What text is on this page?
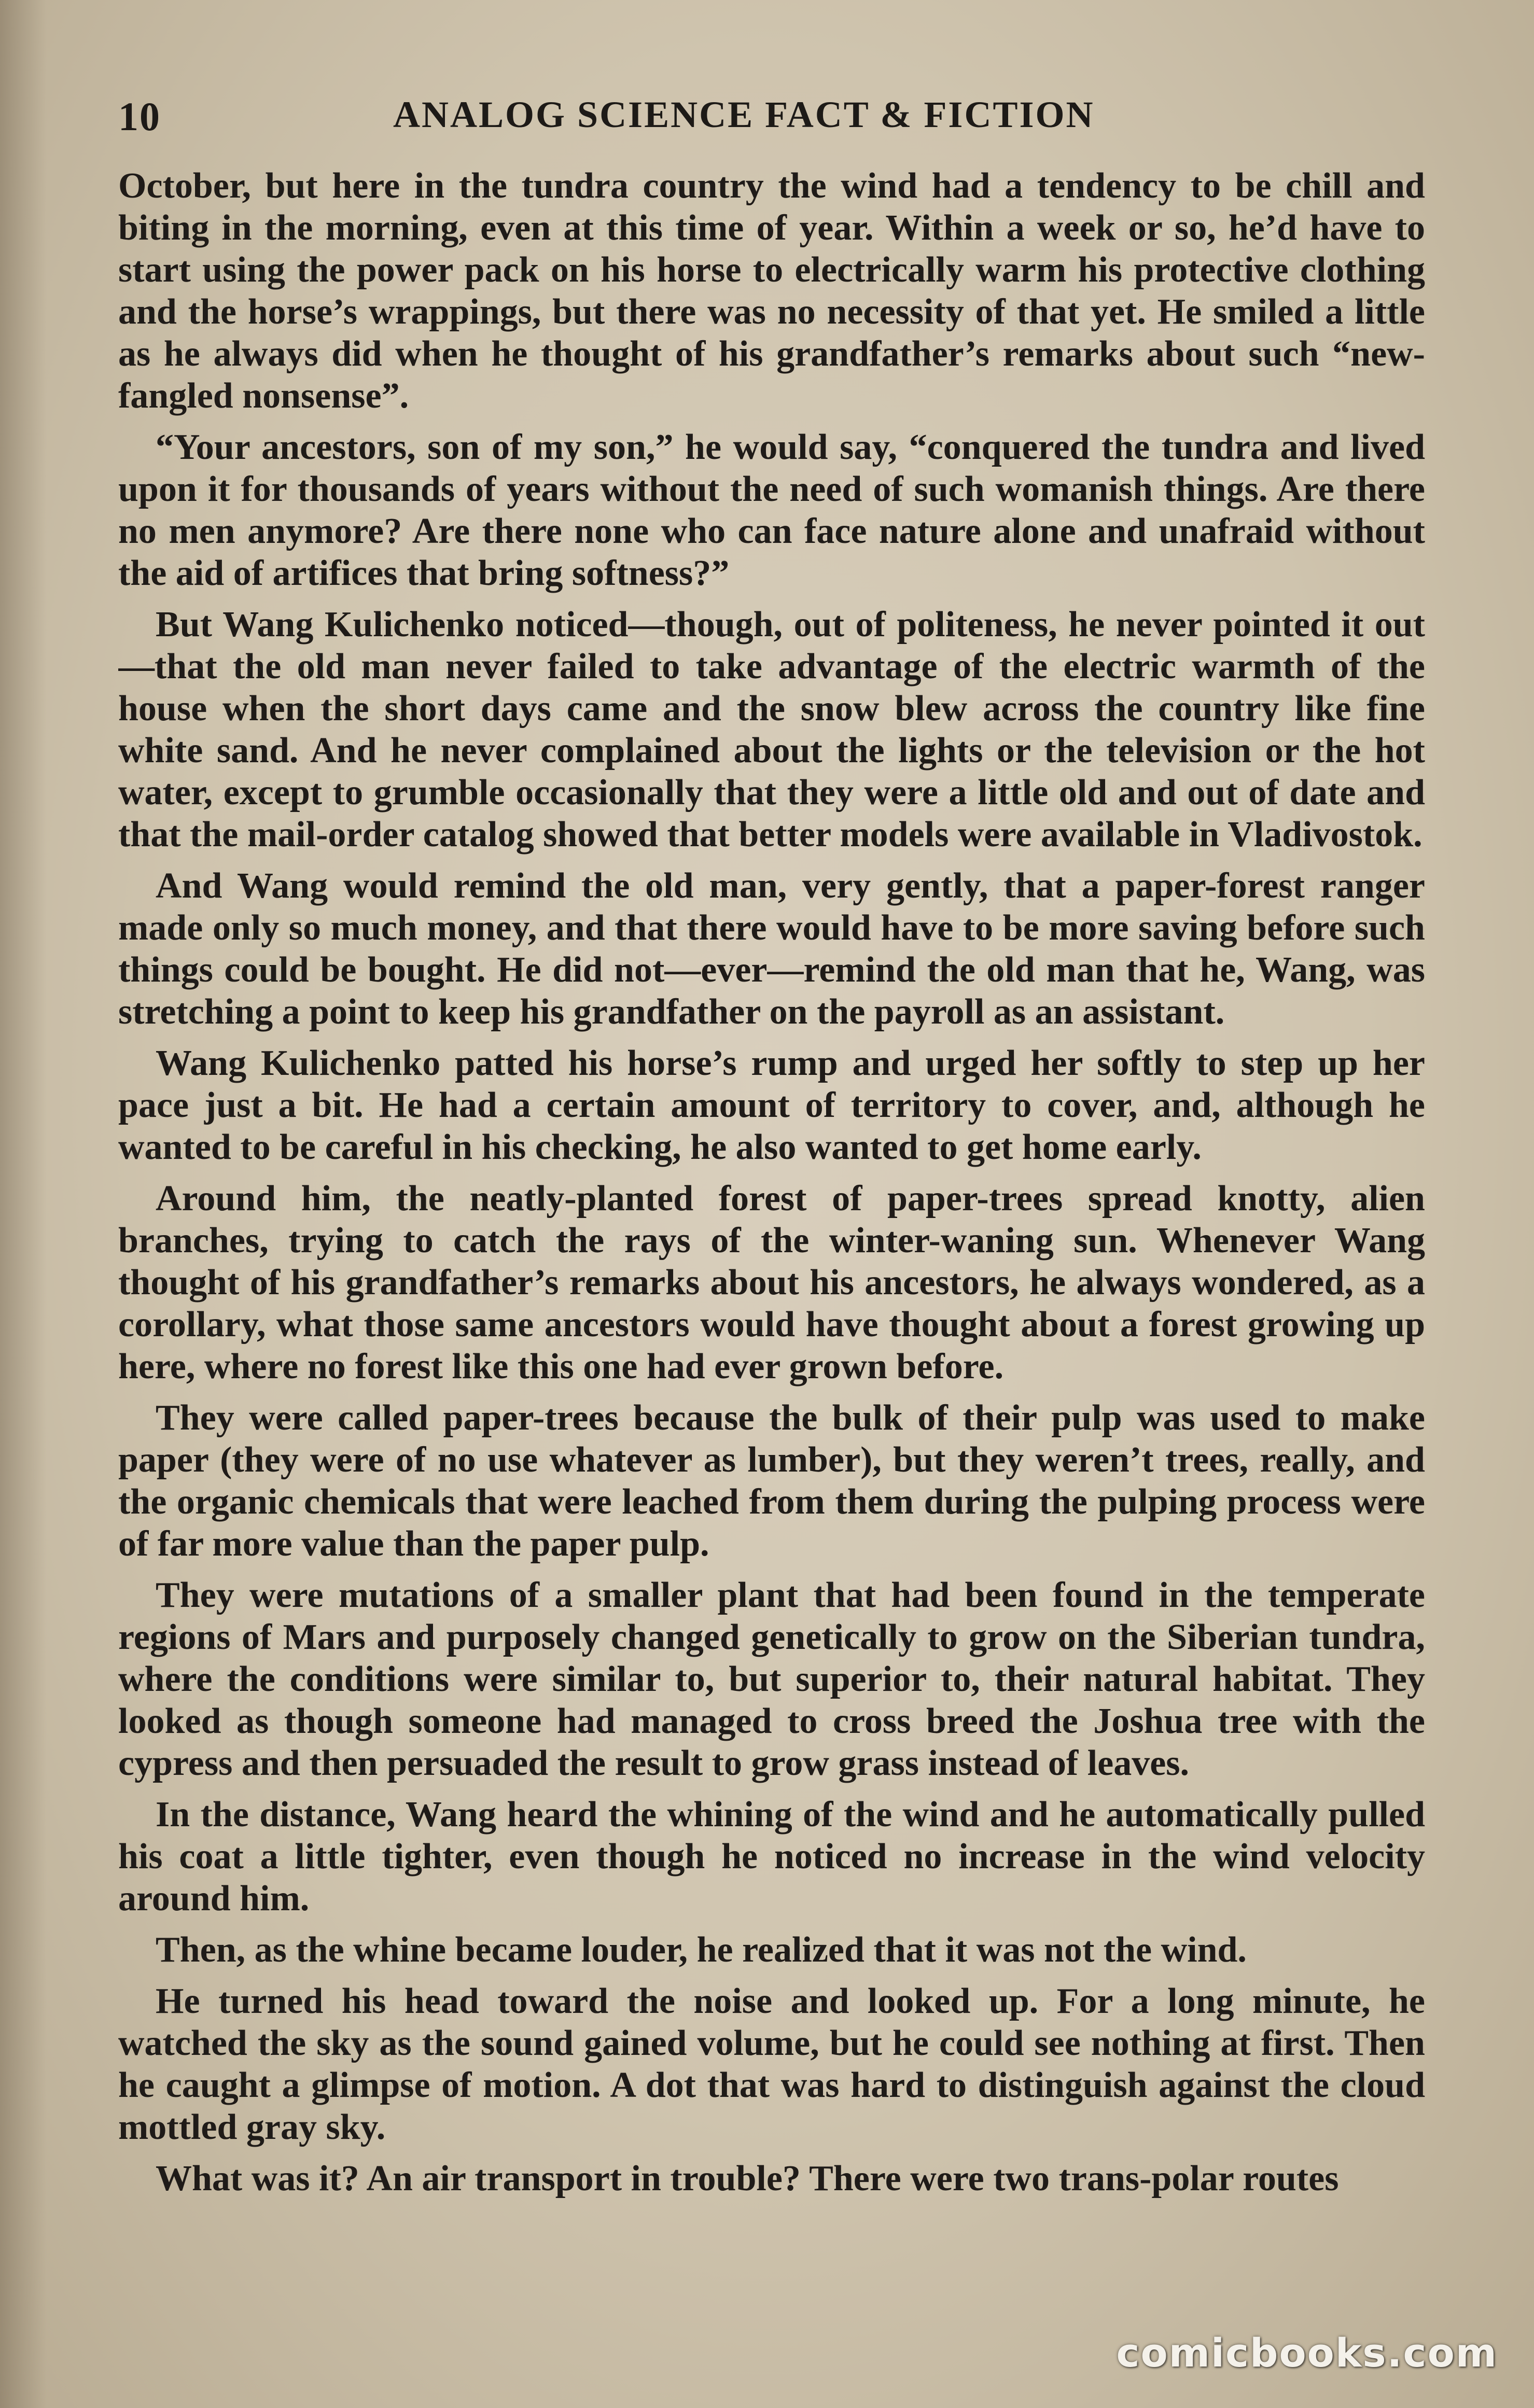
10	ANALOG SCIENCE FACT & FICTION

October, but here in the tundra country the wind had a tendency to be chill and biting in the morning, even at this time of year. Within a week or so, he’d have to start using the power pack on his horse to electrically warm his protective clothing and the horse’s wrappings, but there was no necessity of that yet. He smiled a little as he always did when he thought of his grandfather’s remarks about such “new-fangled nonsense”.

“Your ancestors, son of my son,” he would say, “conquered the tundra and lived upon it for thousands of years without the need of such womanish things. Are there no men anymore? Are there none who can face nature alone and unafraid without the aid of artifices that bring softness?”

But Wang Kulichenko noticed—though, out of politeness, he never pointed it out—that the old man never failed to take advantage of the electric warmth of the house when the short days came and the snow blew across the country like fine white sand. And he never complained about the lights or the television or the hot water, except to grumble occasionally that they were a little old and out of date and that the mail-order catalog showed that better models were available in Vladivostok.

And Wang would remind the old man, very gently, that a paper-forest ranger made only so much money, and that there would have to be more saving before such things could be bought. He did not—ever—remind the old man that he, Wang, was stretching a point to keep his grandfather on the payroll as an assistant.

Wang Kulichenko patted his horse’s rump and urged her softly to step up her pace just a bit. He had a certain amount of territory to cover, and, although he wanted to be careful in his checking, he also wanted to get home early.

Around him, the neatly-planted forest of paper-trees spread knotty, alien branches, trying to catch the rays of the winter-waning sun. Whenever Wang thought of his grandfather’s remarks about his ancestors, he always wondered, as a corollary, what those same ancestors would have thought about a forest growing up here, where no forest like this one had ever grown before.

They were called paper-trees because the bulk of their pulp was used to make paper (they were of no use whatever as lumber), but they weren’t trees, really, and the organic chemicals that were leached from them during the pulping process were of far more value than the paper pulp.

They were mutations of a smaller plant that had been found in the temperate regions of Mars and purposely changed genetically to grow on the Siberian tundra, where the conditions were similar to, but superior to, their natural habitat. They looked as though someone had managed to cross breed the Joshua tree with the cypress and then persuaded the result to grow grass instead of leaves.

In the distance, Wang heard the whining of the wind and he automatically pulled his coat a little tighter, even though he noticed no increase in the wind velocity around him.

Then, as the whine became louder, he realized that it was not the wind.

He turned his head toward the noise and looked up. For a long minute, he watched the sky as the sound gained volume, but he could see nothing at first. Then he caught a glimpse of motion. A dot that was hard to distinguish against the cloud mottled gray sky.

What was it? An air transport in trouble? There were two trans-polar routes

comicbooks.com
